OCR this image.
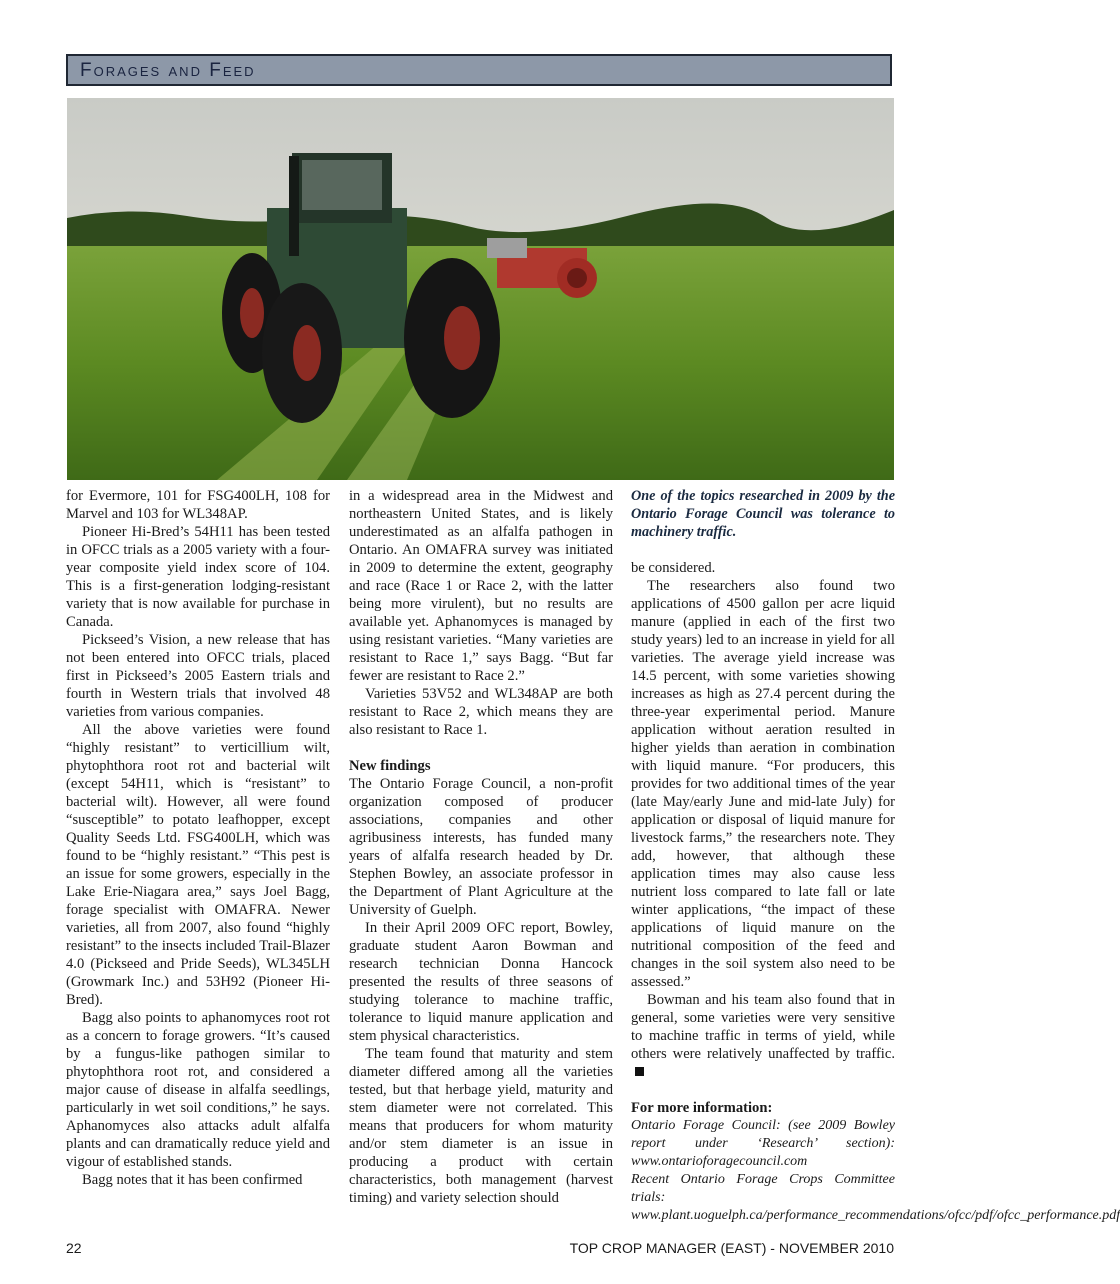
Forages and Feed

for Evermore, 101 for FSG400LH, 108 for Marvel and 103 for WL348AP.

Pioneer Hi-Bred’s 54H11 has been tested in OFCC trials as a 2005 variety with a four-year composite yield index score of 104. This is a first-generation lodging-resistant variety that is now available for purchase in Canada.

Pickseed’s Vision, a new release that has not been entered into OFCC trials, placed first in Pickseed’s 2005 Eastern trials and fourth in Western trials that involved 48 varieties from various companies.

All the above varieties were found “highly resistant” to verticillium wilt, phytophthora root rot and bacterial wilt (except 54H11, which is “resistant” to bacterial wilt). However, all were found “susceptible” to potato leafhopper, except Quality Seeds Ltd. FSG400LH, which was found to be “highly resistant.” “This pest is an issue for some growers, especially in the Lake Erie-Niagara area,” says Joel Bagg, forage specialist with OMAFRA. Newer varieties, all from 2007, also found “highly resistant” to the insects included Trail-Blazer 4.0 (Pickseed and Pride Seeds), WL345LH (Growmark Inc.) and 53H92 (Pioneer Hi-Bred).

Bagg also points to aphanomyces root rot as a concern to forage growers. “It’s caused by a fungus-like pathogen similar to phytophthora root rot, and considered a major cause of disease in alfalfa seedlings, particularly in wet soil conditions,” he says. Aphanomyces also attacks adult alfalfa plants and can dramatically reduce yield and vigour of established stands.

Bagg notes that it has been confirmed

in a widespread area in the Midwest and northeastern United States, and is likely underestimated as an alfalfa pathogen in Ontario. An OMAFRA survey was initiated in 2009 to determine the extent, geography and race (Race 1 or Race 2, with the latter being more virulent), but no results are available yet. Aphanomyces is managed by using resistant varieties. “Many varieties are resistant to Race 1,” says Bagg. “But far fewer are resistant to Race 2.”

Varieties 53V52 and WL348AP are both resistant to Race 2, which means they are also resistant to Race 1.

New findings

The Ontario Forage Council, a non-profit organization composed of producer associations, companies and other agribusiness interests, has funded many years of alfalfa research headed by Dr. Stephen Bowley, an associate professor in the Department of Plant Agriculture at the University of Guelph.

In their April 2009 OFC report, Bowley, graduate student Aaron Bowman and research technician Donna Hancock presented the results of three seasons of studying tolerance to machine traffic, tolerance to liquid manure application and stem physical characteristics.

The team found that maturity and stem diameter differed among all the varieties tested, but that herbage yield, maturity and stem diameter were not correlated. This means that producers for whom maturity and/or stem diameter is an issue in producing a product with certain characteristics, both management (harvest timing) and variety selection should

One of the topics researched in 2009 by the Ontario Forage Council was tolerance to machinery traffic.

be considered.

The researchers also found two applications of 4500 gallon per acre liquid manure (applied in each of the first two study years) led to an increase in yield for all varieties. The average yield increase was 14.5 percent, with some varieties showing increases as high as 27.4 percent during the three-year experimental period. Manure application without aeration resulted in higher yields than aeration in combination with liquid manure. “For producers, this provides for two additional times of the year (late May/early June and mid-late July) for application or disposal of liquid manure for livestock farms,” the researchers note. They add, however, that although these application times may also cause less nutrient loss compared to late fall or late winter applications, “the impact of these applications of liquid manure on the nutritional composition of the feed and changes in the soil system also need to be assessed.”

Bowman and his team also found that in general, some varieties were very sensitive to machine traffic in terms of yield, while others were relatively unaffected by traffic.

For more information:

Ontario Forage Council: (see 2009 Bowley report under ‘Research’ section): www.ontarioforagecouncil.com

Recent Ontario Forage Crops Committee trials: www.plant.uoguelph.ca/performance_recommendations/ofcc/pdf/ofcc_performance.pdf

22	TOP CROP MANAGER (EAST) - NOVEMBER 2010
